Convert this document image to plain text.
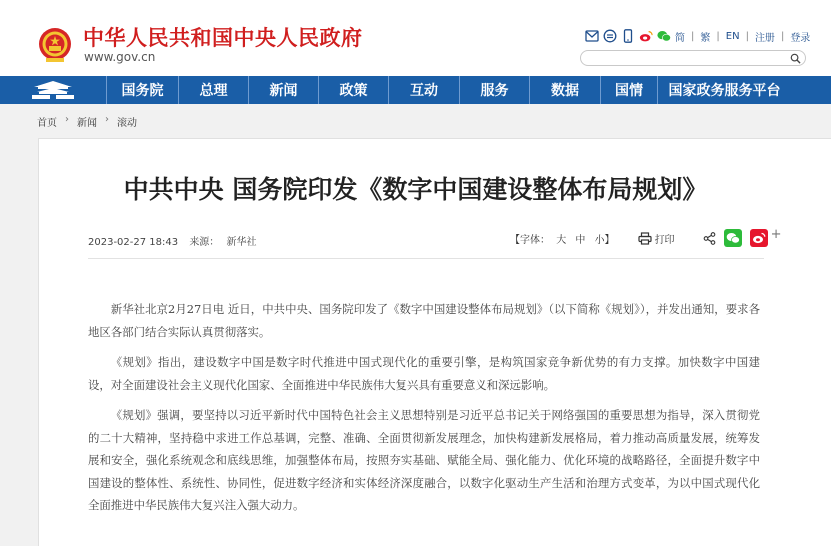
中华人民共和国中央人民政府
www.gov.cn
简 | 繁 | EN | 注册 | 登录
国务院	总理	新闻	政策	互动	服务	数据	国情	国家政务服务平台
首页 › 新闻 › 滚动
中共中央 国务院印发《数字中国建设整体布局规划》
2023-02-27 18:43 来源： 新华社	【字体： 大 中 小】	打印	+

新华社北京2月27日电 近日，中共中央、国务院印发了《数字中国建设整体布局规划》（以下简称《规划》），并发出通知，要求各地区各部门结合实际认真贯彻落实。

《规划》指出，建设数字中国是数字时代推进中国式现代化的重要引擎，是构筑国家竞争新优势的有力支撑。加快数字中国建设，对全面建设社会主义现代化国家、全面推进中华民族伟大复兴具有重要意义和深远影响。

《规划》强调，要坚持以习近平新时代中国特色社会主义思想特别是习近平总书记关于网络强国的重要思想为指导，深入贯彻党的二十大精神，坚持稳中求进工作总基调，完整、准确、全面贯彻新发展理念，加快构建新发展格局，着力推动高质量发展，统筹发展和安全，强化系统观念和底线思维，加强整体布局，按照夯实基础、赋能全局、强化能力、优化环境的战略路径，全面提升数字中国建设的整体性、系统性、协同性，促进数字经济和实体经济深度融合，以数字化驱动生产生活和治理方式变革，为以中国式现代化全面推进中华民族伟大复兴注入强大动力。
